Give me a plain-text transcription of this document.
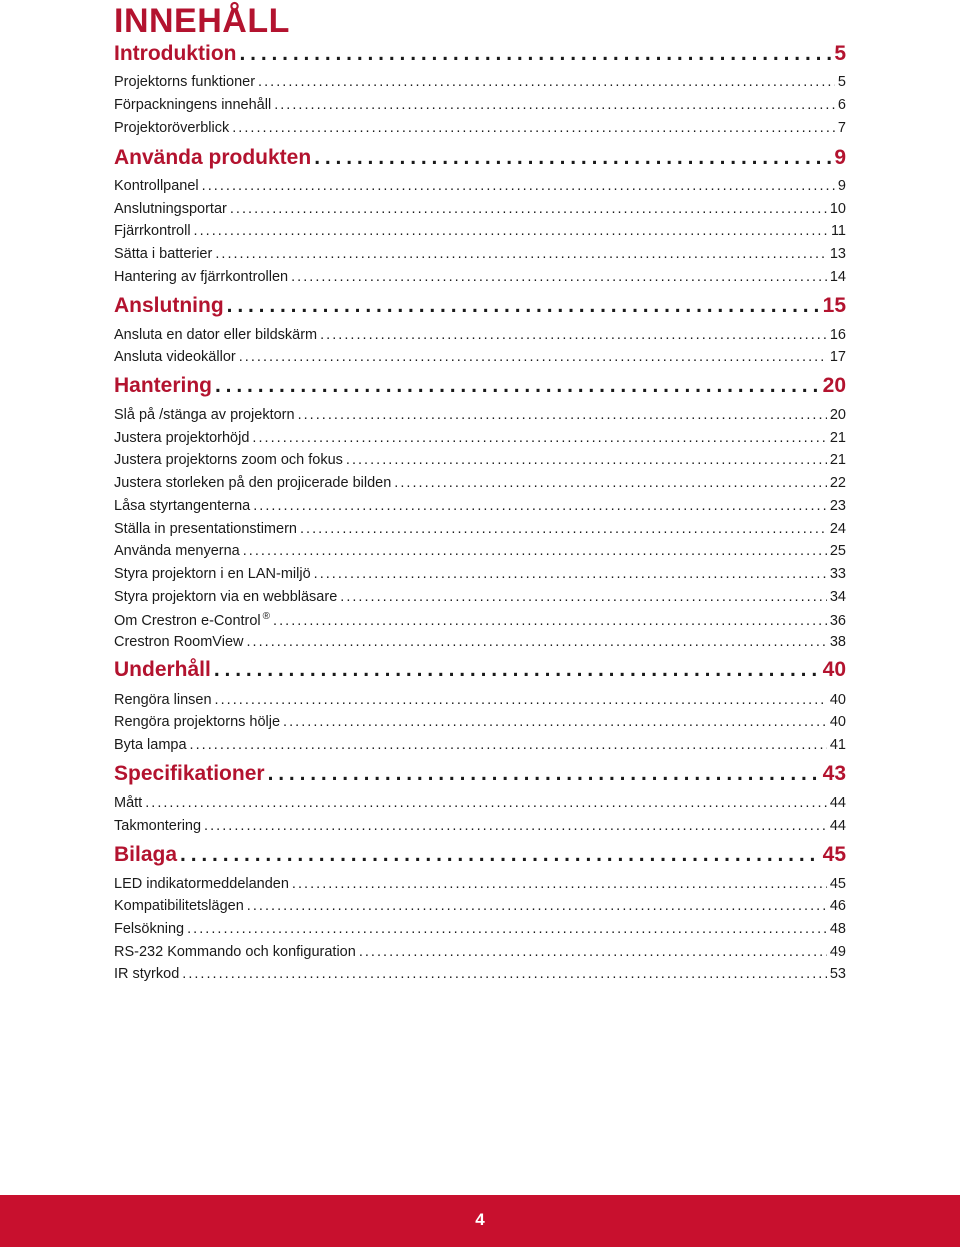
INNEHÅLL
Introduktion . . .	5
Projektorns funktioner . . .	5
Förpackningens innehåll . . .	6
Projektoröverblick . . .	7
Använda produkten . . .	9
Kontrollpanel . . .	9
Anslutningsportar . . .	10
Fjärrkontroll . . .	11
Sätta i batterier . . .	13
Hantering av fjärrkontrollen . . .	14
Anslutning . . .	15
Ansluta en dator eller bildskärm . . .	16
Ansluta videokällor . . .	17
Hantering . . .	20
Slå på /stänga av projektorn . . .	20
Justera projektorhöjd . . .	21
Justera projektorns zoom och fokus . . .	21
Justera storleken på den projicerade bilden . . .	22
Låsa styrtangenterna . . .	23
Ställa in presentationstimern . . .	24
Använda menyerna . . .	25
Styra projektorn i en LAN-miljö . . .	33
Styra projektorn via en webbläsare . . .	34
Om Crestron e-Control ® . . .	36
Crestron RoomView . . .	38
Underhåll . . .	40
Rengöra linsen . . .	40
Rengöra projektorns hölje . . .	40
Byta lampa . . .	41
Specifikationer . . .	43
Mått . . .	44
Takmontering . . .	44
Bilaga . . .	45
LED indikatormeddelanden . . .	45
Kompatibilitetslägen . . .	46
Felsökning . . .	48
RS-232 Kommando och konfiguration . . .	49
IR styrkod . . .	53
4
